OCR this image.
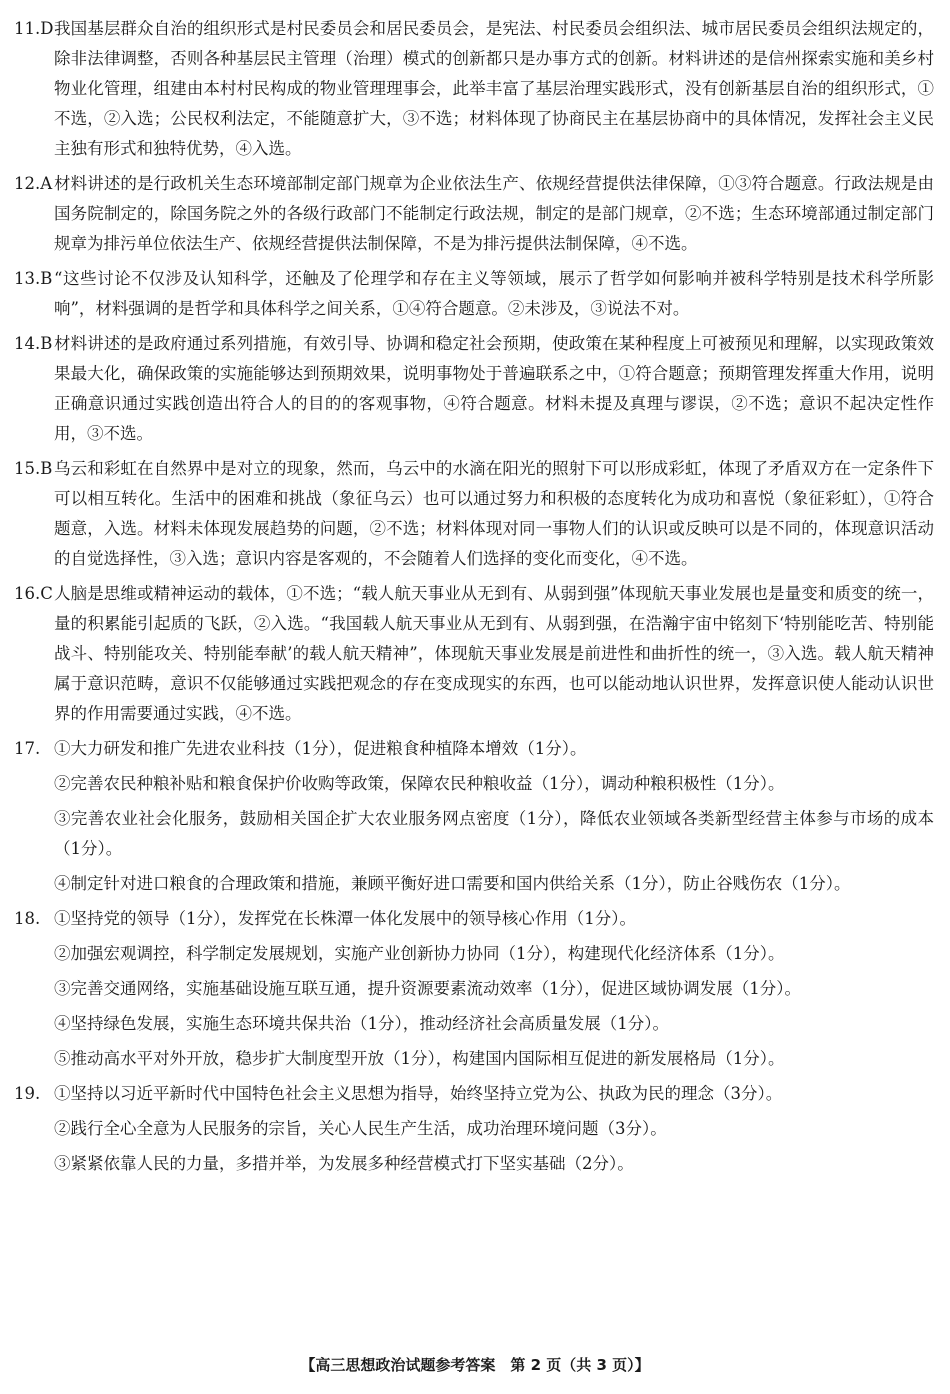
11.D 我国基层群众自治的组织形式是村民委员会和居民委员会，是宪法、村民委员会组织法、城市居民委员会组织法规定的，除非法律调整，否则各种基层民主管理（治理）模式的创新都只是办事方式的创新。材料讲述的是信州探索实施和美乡村物业化管理，组建由本村村民构成的物业管理理事会，此举丰富了基层治理实践形式，没有创新基层自治的组织形式，①不选，②入选；公民权利法定，不能随意扩大，③不选；材料体现了协商民主在基层协商中的具体情况，发挥社会主义民主独有形式和独特优势，④入选。
12.A 材料讲述的是行政机关生态环境部制定部门规章为企业依法生产、依规经营提供法律保障，①③符合题意。行政法规是由国务院制定的，除国务院之外的各级行政部门不能制定行政法规，制定的是部门规章，②不选；生态环境部通过制定部门规章为排污单位依法生产、依规经营提供法制保障，不是为排污提供法制保障，④不选。
13.B “这些讨论不仅涉及认知科学，还触及了伦理学和存在主义等领域，展示了哲学如何影响并被科学特别是技术科学所影响”，材料强调的是哲学和具体科学之间关系，①④符合题意。②未涉及，③说法不对。
14.B 材料讲述的是政府通过系列措施，有效引导、协调和稳定社会预期，使政策在某种程度上可被预见和理解，以实现政策效果最大化，确保政策的实施能够达到预期效果，说明事物处于普遍联系之中，①符合题意；预期管理发挥重大作用，说明正确意识通过实践创造出符合人的目的的客观事物，④符合题意。材料未提及真理与谬误，②不选；意识不起决定性作用，③不选。
15.B 乌云和彩虹在自然界中是对立的现象，然而，乌云中的水滴在阳光的照射下可以形成彩虹，体现了矛盾双方在一定条件下可以相互转化。生活中的困难和挑战（象征乌云）也可以通过努力和积极的态度转化为成功和喜悦（象征彩虹），①符合题意，入选。材料未体现发展趋势的问题，②不选；材料体现对同一事物人们的认识或反映可以是不同的，体现意识活动的自觉选择性，③入选；意识内容是客观的，不会随着人们选择的变化而变化，④不选。
16.C 人脑是思维或精神运动的载体，①不选；“载人航天事业从无到有、从弱到强”体现航天事业发展也是量变和质变的统一，量的积累能引起质的飞跃，②入选。“我国载人航天事业从无到有、从弱到强，在浩瀚宇宙中铭刻下‘特别能吃苦、特别能战斗、特别能攻关、特别能奉献’的载人航天精神”，体现航天事业发展是前进性和曲折性的统一，③入选。载人航天精神属于意识范畴，意识不仅能够通过实践把观念的存在变成现实的东西，也可以能动地认识世界，发挥意识使人能动认识世界的作用需要通过实践，④不选。
17. ①大力研发和推广先进农业科技（1分），促进粮食种植降本增效（1分）。
②完善农民种粮补贴和粮食保护价收购等政策，保障农民种粮收益（1分），调动种粮积极性（1分）。
③完善农业社会化服务，鼓励相关国企扩大农业服务网点密度（1分），降低农业领域各类新型经营主体参与市场的成本（1分）。
④制定针对进口粮食的合理政策和措施，兼顾平衡好进口需要和国内供给关系（1分），防止谷贱伤农（1分）。
18. ①坚持党的领导（1分），发挥党在长株潭一体化发展中的领导核心作用（1分）。
②加强宏观调控，科学制定发展规划，实施产业创新协力协同（1分），构建现代化经济体系（1分）。
③完善交通网络，实施基础设施互联互通，提升资源要素流动效率（1分），促进区域协调发展（1分）。
④坚持绿色发展，实施生态环境共保共治（1分），推动经济社会高质量发展（1分）。
⑤推动高水平对外开放，稳步扩大制度型开放（1分），构建国内国际相互促进的新发展格局（1分）。
19. ①坚持以习近平新时代中国特色社会主义思想为指导，始终坚持立党为公、执政为民的理念（3分）。
②践行全心全意为人民服务的宗旨，关心人民生产生活，成功治理环境问题（3分）。
③紧紧依靠人民的力量，多措并举，为发展多种经营模式打下坚实基础（2分）。
【高三思想政治试题参考答案　第 2 页（共 3 页）】
